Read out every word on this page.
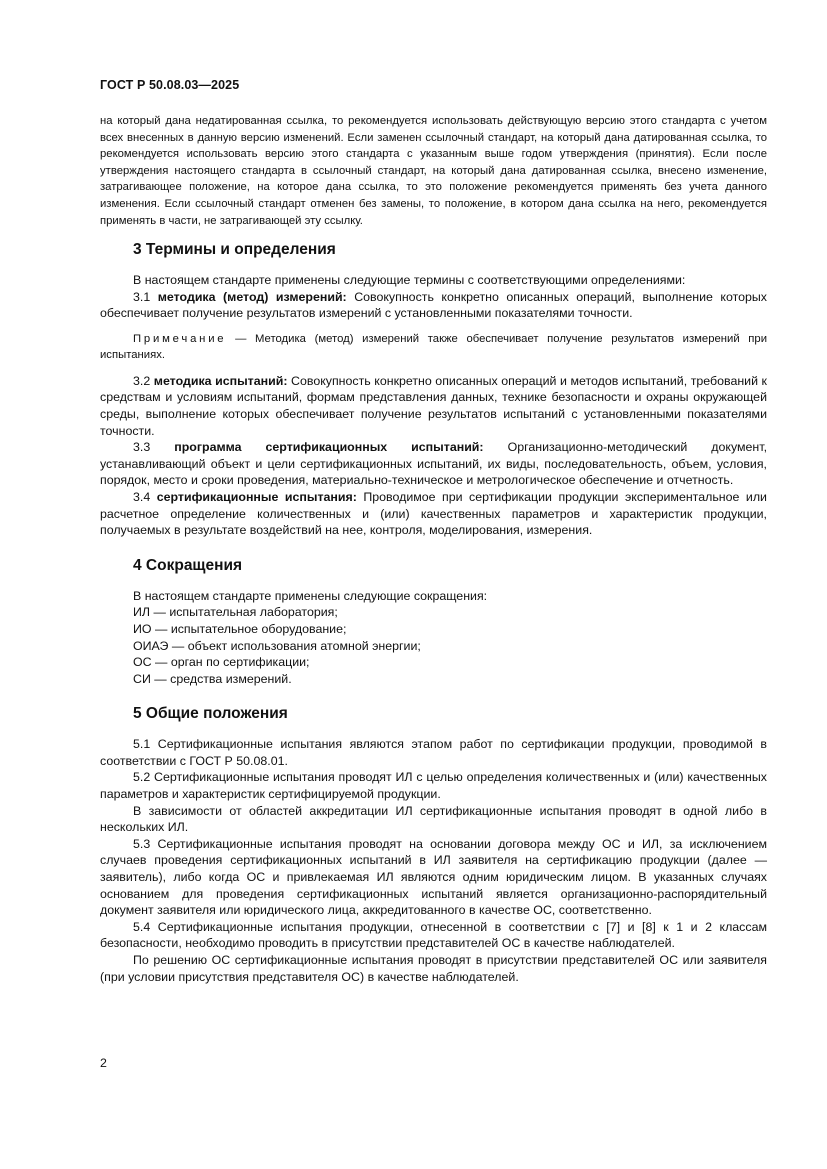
ГОСТ Р 50.08.03—2025

на который дана недатированная ссылка, то рекомендуется использовать действующую версию этого стандарта с учетом всех внесенных в данную версию изменений. Если заменен ссылочный стандарт, на который дана датированная ссылка, то рекомендуется использовать версию этого стандарта с указанным выше годом утверждения (принятия). Если после утверждения настоящего стандарта в ссылочный стандарт, на который дана датированная ссылка, внесено изменение, затрагивающее положение, на которое дана ссылка, то это положение рекомендуется применять без учета данного изменения. Если ссылочный стандарт отменен без замены, то положение, в котором дана ссылка на него, рекомендуется применять в части, не затрагивающей эту ссылку.

3 Термины и определения

В настоящем стандарте применены следующие термины с соответствующими определениями:

3.1 методика (метод) измерений: Совокупность конкретно описанных операций, выполнение которых обеспечивает получение результатов измерений с установленными показателями точности.

Примечание — Методика (метод) измерений также обеспечивает получение результатов измерений при испытаниях.

3.2 методика испытаний: Совокупность конкретно описанных операций и методов испытаний, требований к средствам и условиям испытаний, формам представления данных, технике безопасности и охраны окружающей среды, выполнение которых обеспечивает получение результатов испытаний с установленными показателями точности.

3.3 программа сертификационных испытаний: Организационно-методический документ, устанавливающий объект и цели сертификационных испытаний, их виды, последовательность, объем, условия, порядок, место и сроки проведения, материально-техническое и метрологическое обеспечение и отчетность.

3.4 сертификационные испытания: Проводимое при сертификации продукции экспериментальное или расчетное определение количественных и (или) качественных параметров и характеристик продукции, получаемых в результате воздействий на нее, контроля, моделирования, измерения.

4 Сокращения

В настоящем стандарте применены следующие сокращения:

ИЛ — испытательная лаборатория;

ИО — испытательное оборудование;

ОИАЭ — объект использования атомной энергии;

ОС — орган по сертификации;

СИ — средства измерений.

5 Общие положения

5.1 Сертификационные испытания являются этапом работ по сертификации продукции, проводимой в соответствии с ГОСТ Р 50.08.01.

5.2 Сертификационные испытания проводят ИЛ с целью определения количественных и (или) качественных параметров и характеристик сертифицируемой продукции.

В зависимости от областей аккредитации ИЛ сертификационные испытания проводят в одной либо в нескольких ИЛ.

5.3 Сертификационные испытания проводят на основании договора между ОС и ИЛ, за исключением случаев проведения сертификационных испытаний в ИЛ заявителя на сертификацию продукции (далее — заявитель), либо когда ОС и привлекаемая ИЛ являются одним юридическим лицом. В указанных случаях основанием для проведения сертификационных испытаний является организационно-распорядительный документ заявителя или юридического лица, аккредитованного в качестве ОС, соответственно.

5.4 Сертификационные испытания продукции, отнесенной в соответствии с [7] и [8] к 1 и 2 классам безопасности, необходимо проводить в присутствии представителей ОС в качестве наблюдателей.

По решению ОС сертификационные испытания проводят в присутствии представителей ОС или заявителя (при условии присутствия представителя ОС) в качестве наблюдателей.

2
